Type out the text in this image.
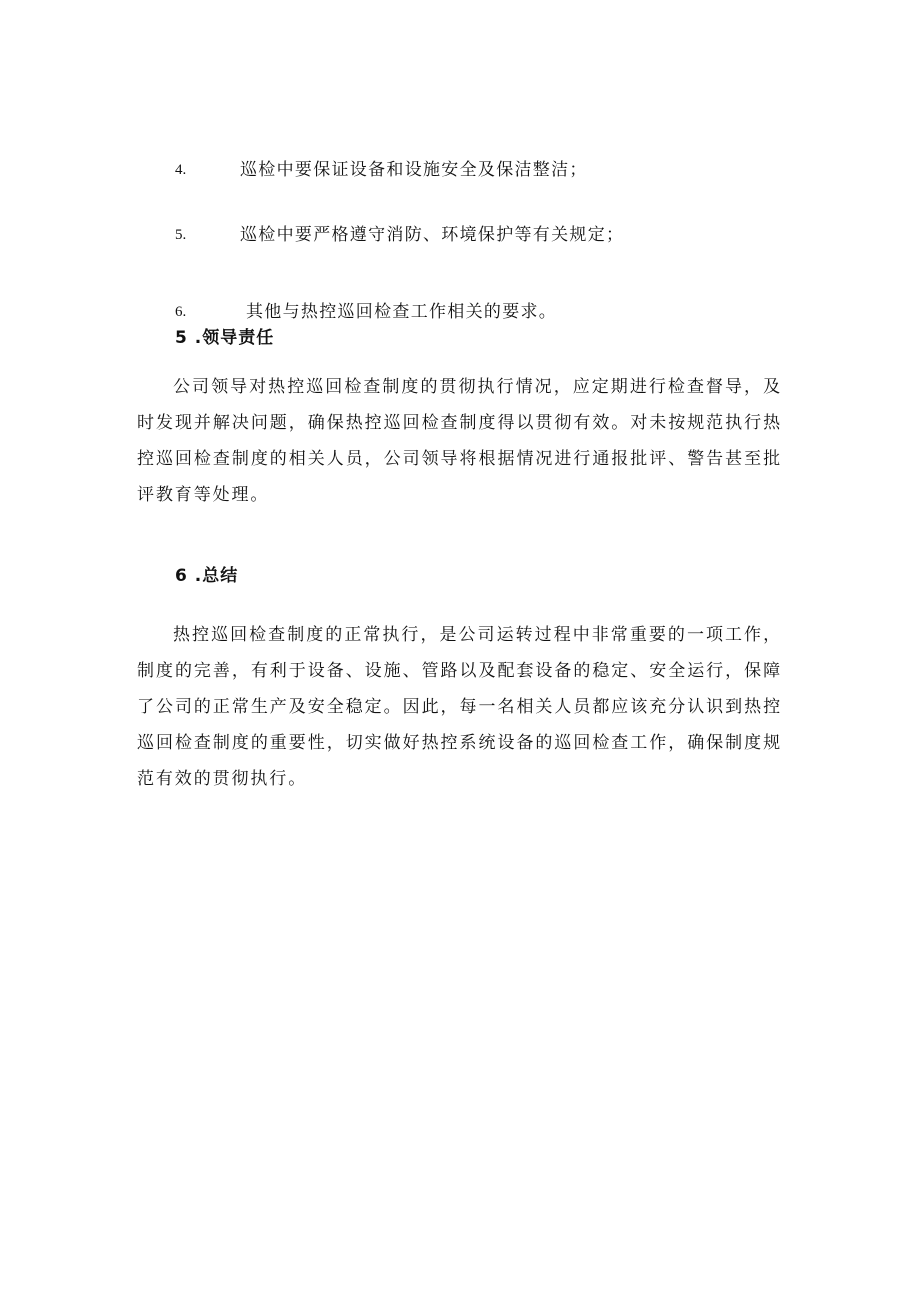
4.	巡检中要保证设备和设施安全及保洁整洁；
5.	巡检中要严格遵守消防、环境保护等有关规定；
6.	其他与热控巡回检查工作相关的要求。
5 .领导责任

公司领导对热控巡回检查制度的贯彻执行情况，应定期进行检查督导，及时发现并解决问题，确保热控巡回检查制度得以贯彻有效。对未按规范执行热控巡回检查制度的相关人员，公司领导将根据情况进行通报批评、警告甚至批评教育等处理。

6 .总结

热控巡回检查制度的正常执行，是公司运转过程中非常重要的一项工作，制度的完善，有利于设备、设施、管路以及配套设备的稳定、安全运行，保障了公司的正常生产及安全稳定。因此，每一名相关人员都应该充分认识到热控巡回检查制度的重要性，切实做好热控系统设备的巡回检查工作，确保制度规范有效的贯彻执行。
